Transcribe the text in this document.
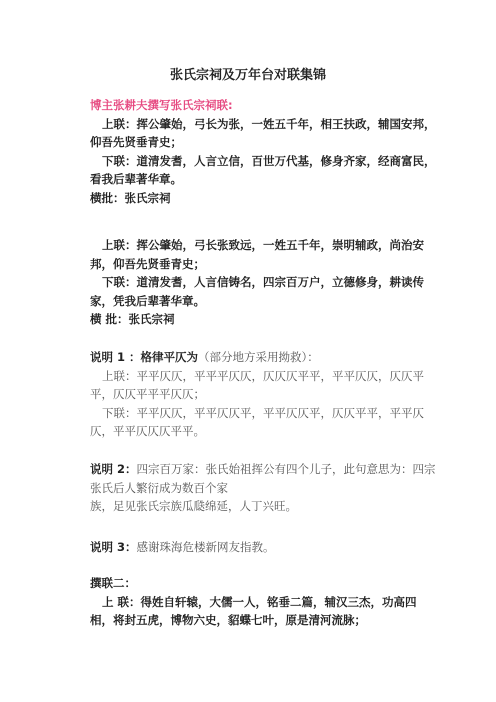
张氏宗祠及万年台对联集锦

博主张耕夫撰写张氏宗祠联:

上联：挥公肇始，弓长为张，一姓五千年，相王扶政，辅国安邦，仰吾先贤垂青史；

下联：道清发耆，人言立信，百世万代基，修身齐家，经商富民，看我后辈著华章。

横批：张氏宗祠

上联：挥公肇始，弓长张致远，一姓五千年，崇明辅政，尚治安邦，仰吾先贤垂青史；

下联：道清发耆，人言信铸名，四宗百万户，立德修身，耕读传家，凭我后辈著华章。

横 批：张氏宗祠

说明 1 ：格律平仄为（部分地方采用拗救）：

上联：平平仄仄，平平平仄仄，仄仄仄平平，平平仄仄，仄仄平平，仄仄平平平仄仄；

下联：平平仄仄，平平仄仄平，平平仄仄平，仄仄平平，平平仄仄，平平仄仄仄平平。

说明 2：四宗百万家：张氏始祖挥公有四个儿子，此句意思为：四宗张氏后人繁衍成为数百个家

族，足见张氏宗族瓜瓞绵延，人丁兴旺。

说明 3：感谢珠海危楼新网友指教。

撰联二：

上 联：得姓自轩辕，大儒一人，铭垂二篇，辅汉三杰，功高四相，将封五虎，博物六史，貂蝶七叶，原是清河流脉；
